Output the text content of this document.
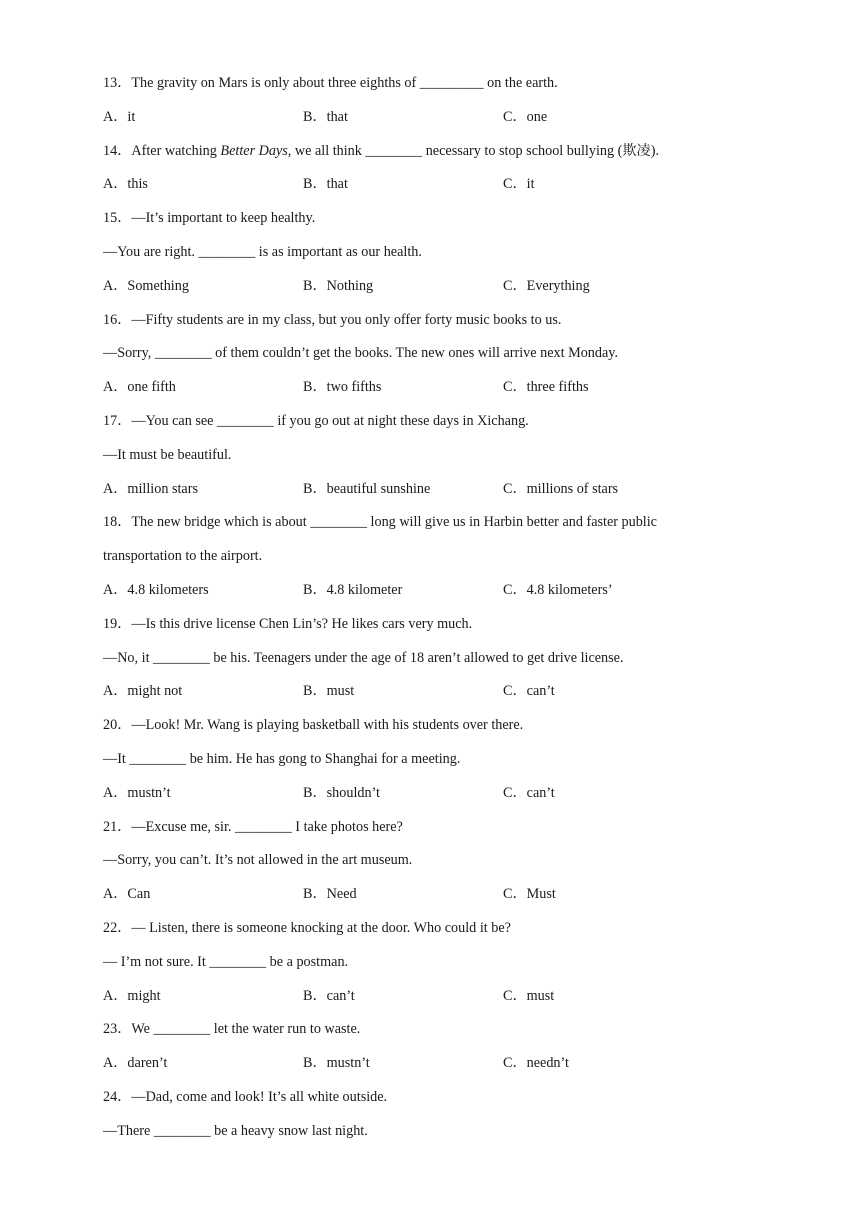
13．The gravity on Mars is only about three eighths of _________ on the earth.
A．it	B．that	C．one
14．After watching Better Days, we all think ________ necessary to stop school bullying (欺凌).
A．this	B．that	C．it
15．—It’s important to keep healthy.
—You are right. ________ is as important as our health.
A．Something	B．Nothing	C．Everything
16．—Fifty students are in my class, but you only offer forty music books to us.
—Sorry, ________ of them couldn’t get the books. The new ones will arrive next Monday.
A．one fifth	B．two fifths	C．three fifths
17．—You can see ________ if you go out at night these days in Xichang.
—It must be beautiful.
A．million stars	B．beautiful sunshine	C．millions of stars
18．The new bridge which is about ________ long will give us in Harbin better and faster public
transportation to the airport.
A．4.8 kilometers	B．4.8 kilometer	C．4.8 kilometers’
19．—Is this drive license Chen Lin’s? He likes cars very much.
—No, it ________ be his. Teenagers under the age of 18 aren’t allowed to get drive license.
A．might not	B．must	C．can’t
20．—Look! Mr. Wang is playing basketball with his students over there.
—It ________ be him. He has gong to Shanghai for a meeting.
A．mustn’t	B．shouldn’t	C．can’t
21．—Excuse me, sir. ________ I take photos here?
—Sorry, you can’t. It’s not allowed in the art museum.
A．Can	B．Need	C．Must
22．— Listen, there is someone knocking at the door. Who could it be?
— I’m not sure. It ________ be a postman.
A．might	B．can’t	C．must
23．We ________ let the water run to waste.
A．daren’t	B．mustn’t	C．needn’t
24．—Dad, come and look! It’s all white outside.
—There ________ be a heavy snow last night.
